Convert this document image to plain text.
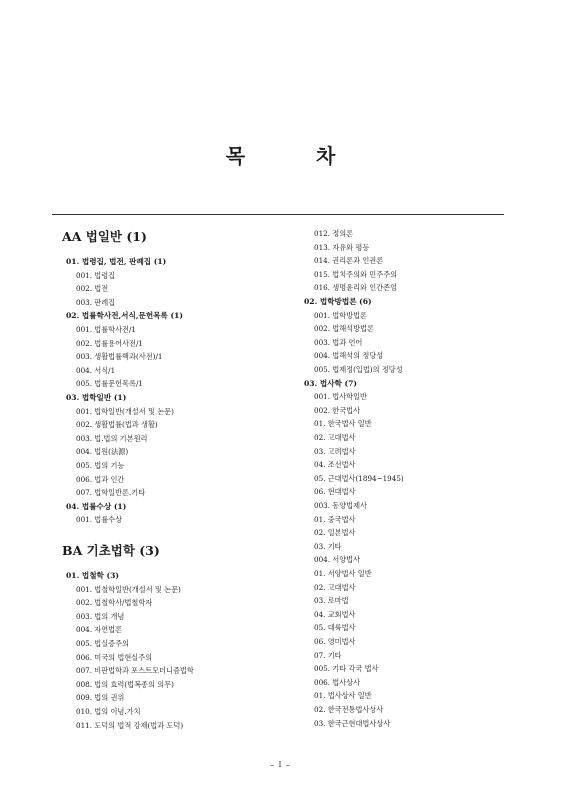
목 차
AA 법일반 (1)
01. 법령집, 법전, 판례집 (1)
001. 법령집
002. 법전
003. 판례집
02. 법률학사전,서식,문헌목록 (1)
001. 법률학사전/1
002. 법률용어사전/1
003. 생활법률백과(사전)/1
004. 서식/1
005. 법률문헌목록/1
03. 법학일반 (1)
001. 법학일반(개설서 및 논문)
002. 생활법률(법과 생활)
003. 법.법의 기본원리
004. 법원(法源)
005. 법의 기능
006. 법과 인간
007. 법학일반론.기타
04. 법률수상 (1)
001. 법률수상
BA 기초법학 (3)
01. 법철학 (3)
001. 법철학일반(개설서 및 논문)
002. 법철학사/법철학자
003. 법의 개념
004. 자연법론
005. 법실증주의
006. 미국의 법현실주의
007. 비판법학과 포스트모더니즘법학
008. 법의 효력(법복종의 의무)
009. 법의 권위
010. 법의 이념.가치
011. 도덕의 법적 강제(법과 도덕)
012. 정의론
013. 자유와 평등
014. 권리론과 인권론
015. 법치주의와 민주주의
016. 생명윤리와 인간존엄
02. 법학방법론 (6)
001. 법학방법론
002. 법해석방법론
003. 법과 언어
004. 법해석의 정당성
005. 법제정(입법)의 정당성
03. 법사학 (7)
001. 법사학일반
002. 한국법사
01. 한국법사 일반
02. 고대법사
03. 고려법사
04. 조선법사
05. 근대법사(1894~1945)
06. 현대법사
003. 동양법제사
01. 중국법사
02. 일본법사
03. 기타
004. 서양법사
01. 서양법사 일반
02. 고대법사
03. 로마법
04. 교회법사
05. 대륙법사
06. 영미법사
07. 기타
005. 기타 각국 법사
006. 법사상사
01. 법사상사 일반
02. 한국전통법사상사
03. 한국근현대법사상사
– I –
